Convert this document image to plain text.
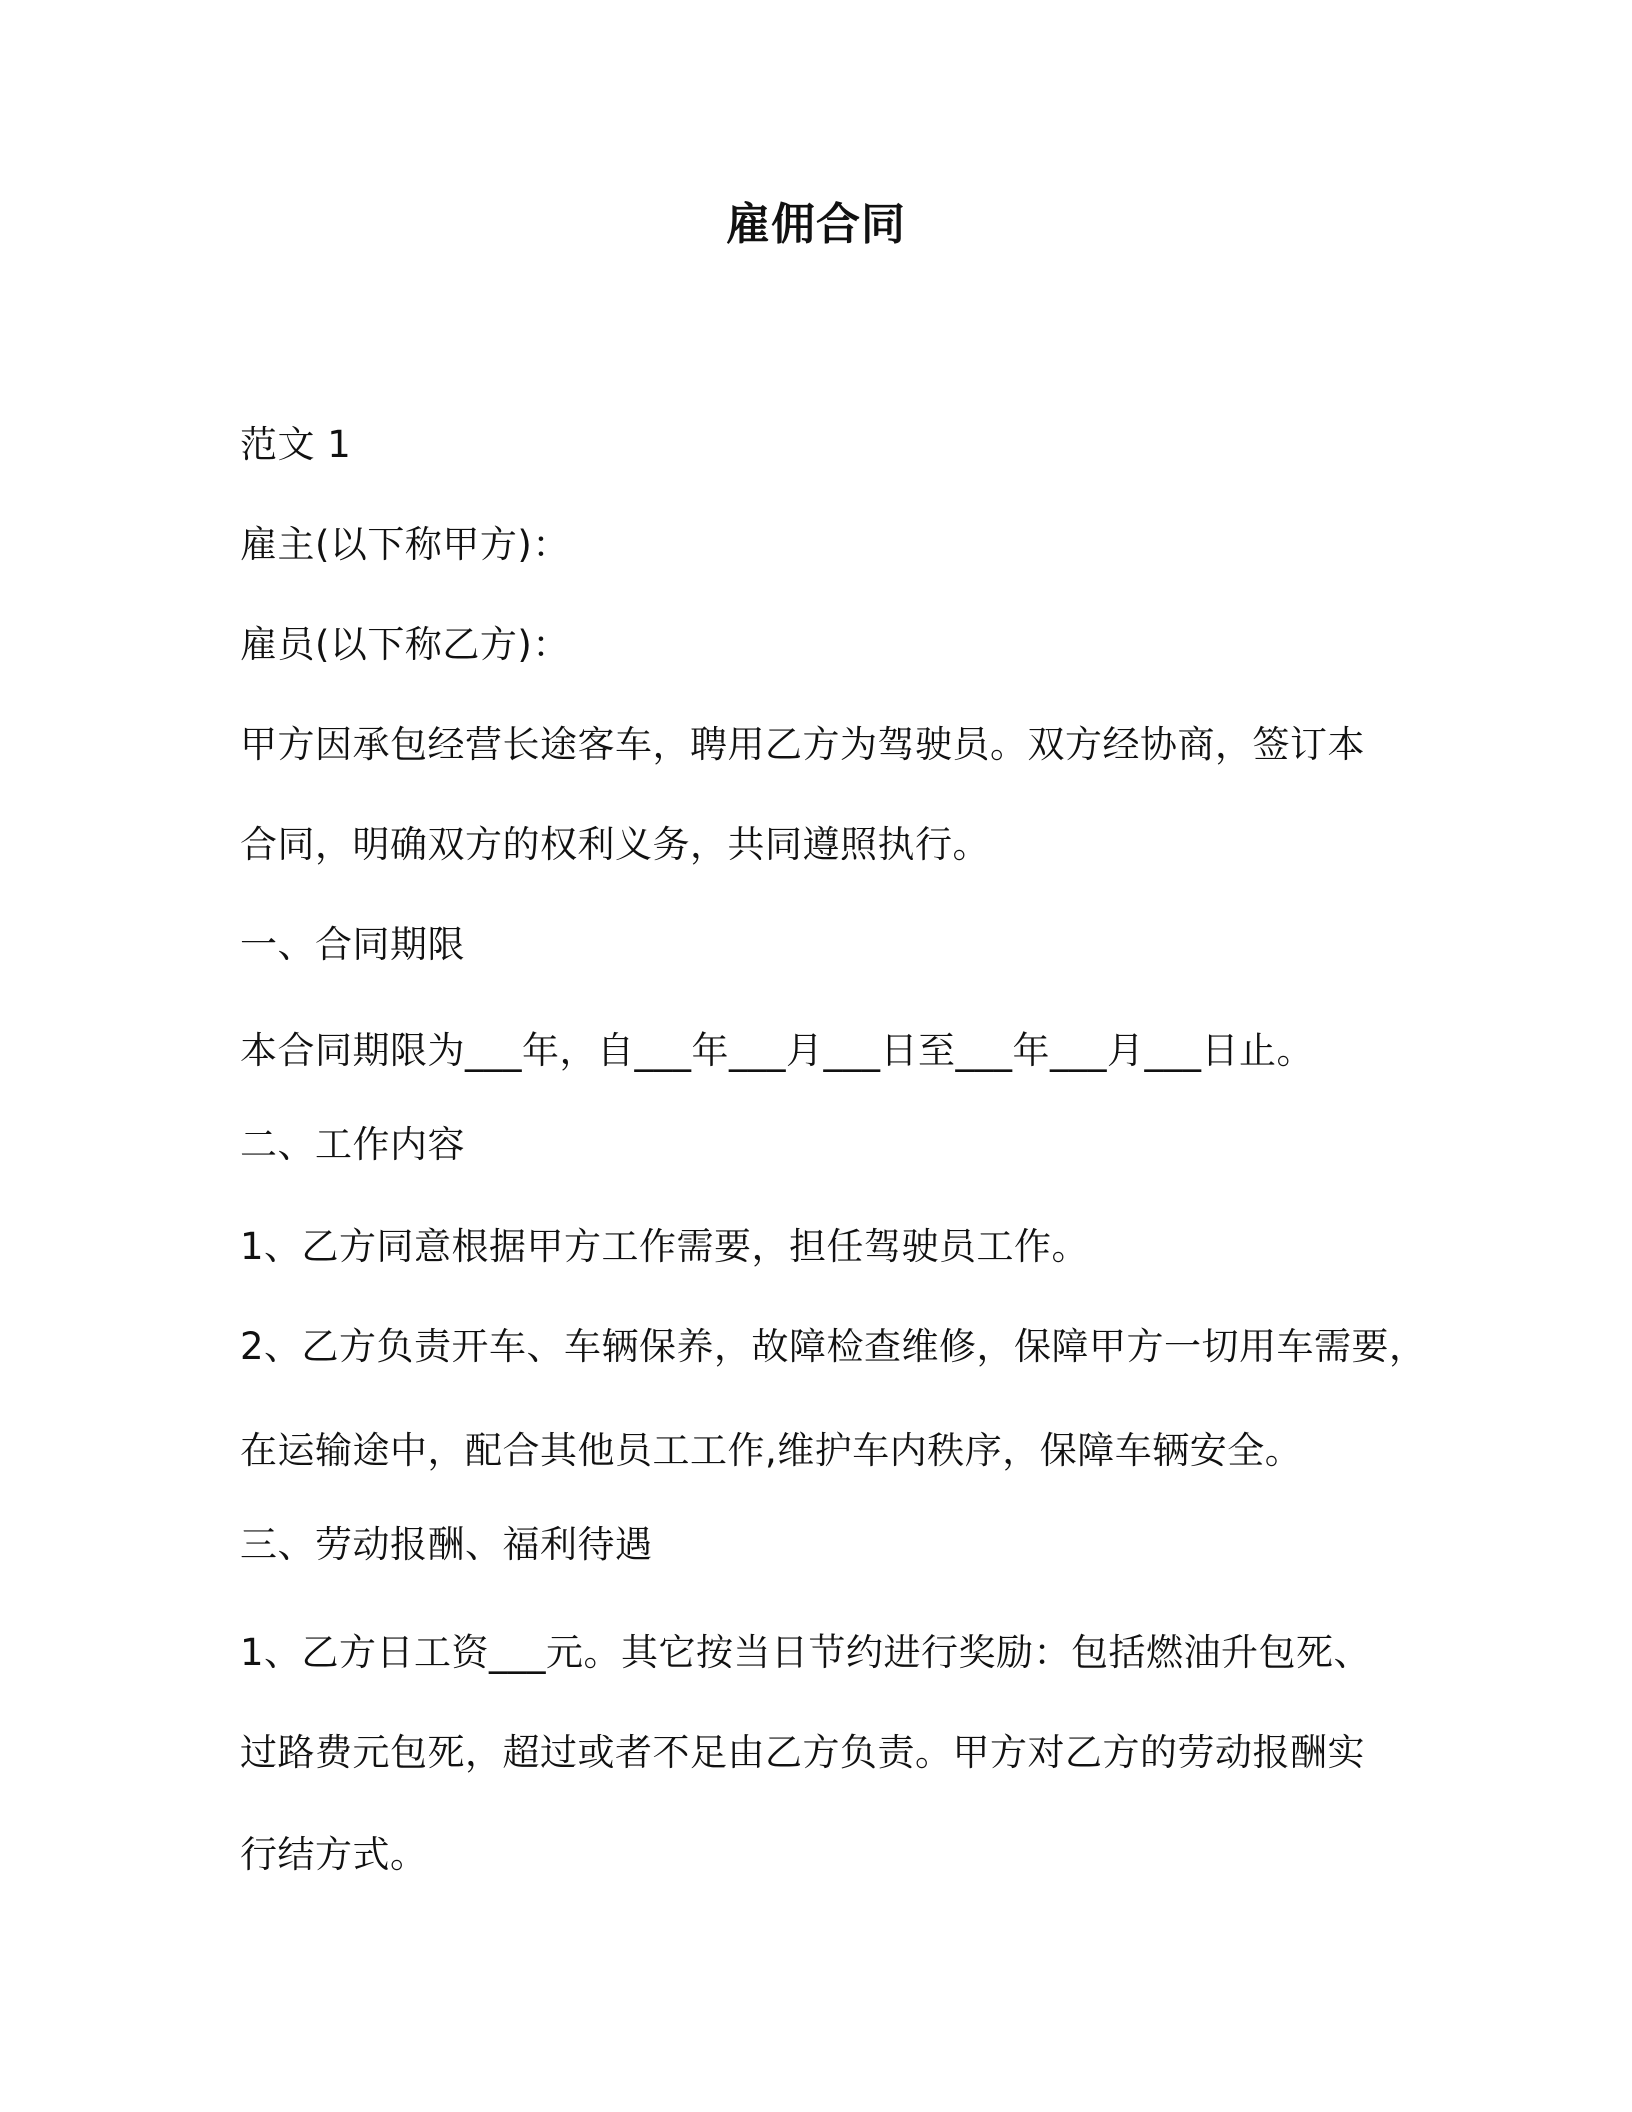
雇佣合同
范文 1
雇主(以下称甲方)：
雇员(以下称乙方)：
甲方因承包经营长途客车，聘用乙方为驾驶员。双方经协商，签订本
合同，明确双方的权利义务，共同遵照执行。
一、合同期限
本合同期限为___年，自___年___月___日至___年___月___日止。
二、工作内容
1、乙方同意根据甲方工作需要，担任驾驶员工作。
2、乙方负责开车、车辆保养，故障检查维修，保障甲方一切用车需要，
在运输途中，配合其他员工工作,维护车内秩序，保障车辆安全。
三、劳动报酬、福利待遇
1、乙方日工资___元。其它按当日节约进行奖励：包括燃油升包死、
过路费元包死，超过或者不足由乙方负责。甲方对乙方的劳动报酬实
行结方式。
